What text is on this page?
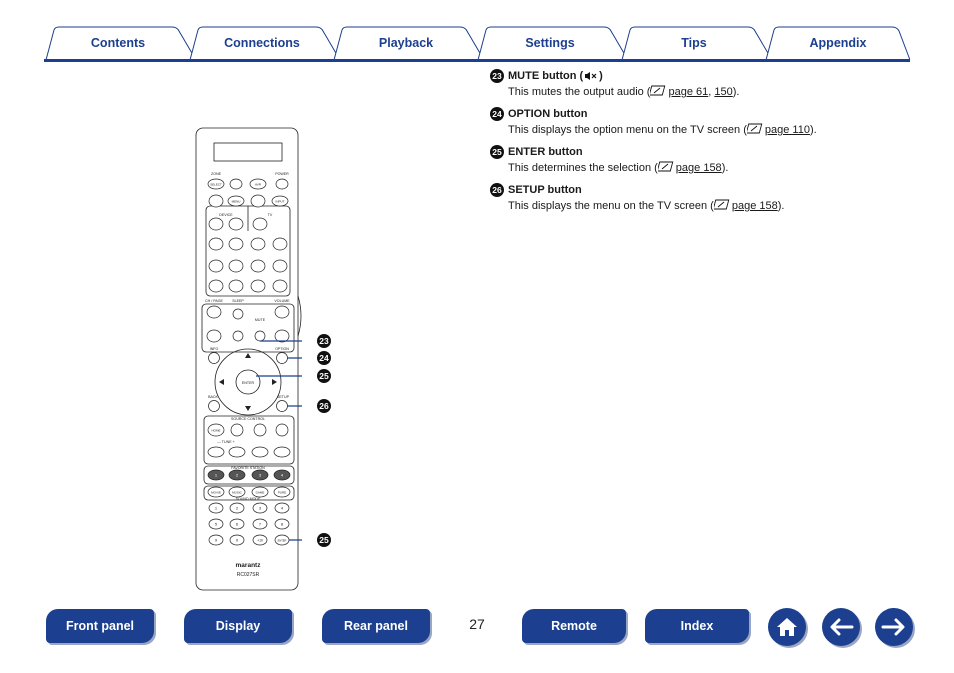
Contents	Connections	Playback	Settings	Tips	Appendix
ZONE	POWER
DEVICE	TV
CH / PAGE	SLEEP	VOLUME
MUTE
INFO	OPTION
ENTER
BACK	SETUP
SOURCE CONTROL
— TUNE +
FAVORITE STATION
SOUND MODE
RC027SR
marantz
SELECT	AVR
MENU	INPUT
HOME
MOVIE	MUSIC	GAME	PURE
1	2	3	4
1	2	3	4
5	6	7	8
9	0	+10	ENTER
23
24
25
26
25
23 MUTE button ( )
This mutes the output audio ( page 61, 150).
24 OPTION button
This displays the option menu on the TV screen ( page 110).
25 ENTER button
This determines the selection ( page 158).
26 SETUP button
This displays the menu on the TV screen ( page 158).
Front panel	Display	Rear panel	27	Remote	Index
